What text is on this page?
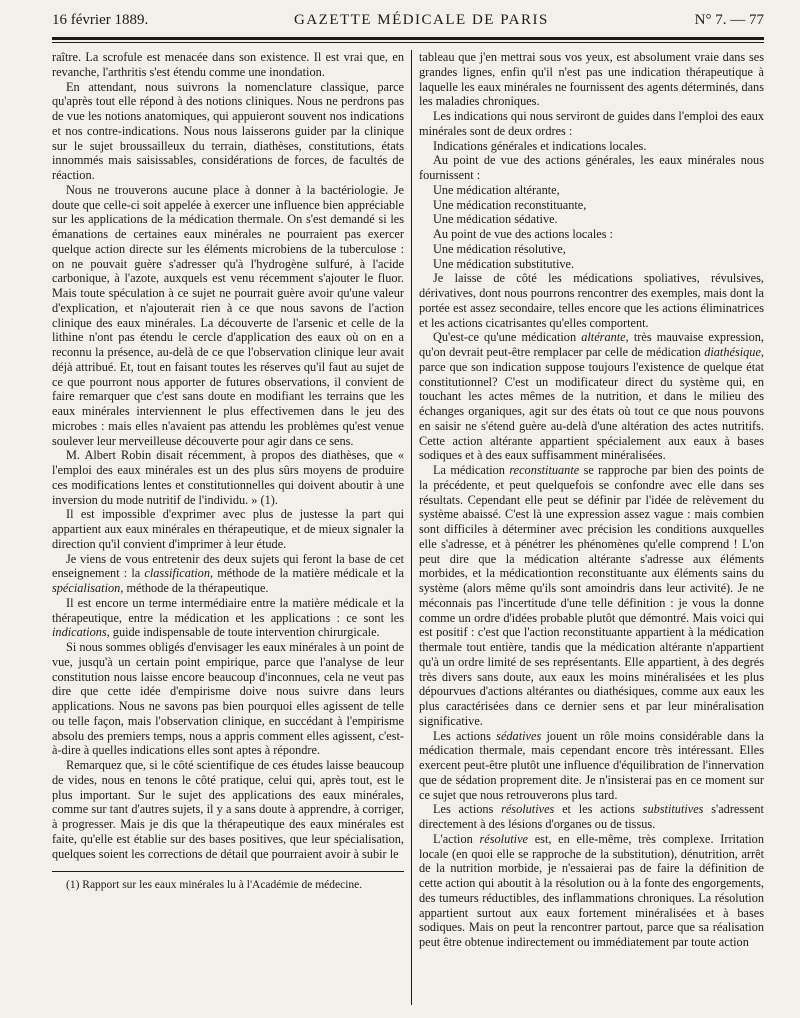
16 février 1889.	GAZETTE MÉDICALE DE PARIS	N° 7. — 77

raître. La scrofule est menacée dans son existence. Il est vrai que, en revanche, l'arthritis s'est étendu comme une inondation.

En attendant, nous suivrons la nomenclature classique, parce qu'après tout elle répond à des notions cliniques. Nous ne perdrons pas de vue les notions anatomiques, qui appuieront souvent nos indications et nos contre-indications. Nous nous laisserons guider par la clinique sur le sujet broussailleux du terrain, diathèses, constitutions, états innommés mais saisissables, considérations de forces, de facultés de réaction.

Nous ne trouverons aucune place à donner à la bactériologie. Je doute que celle-ci soit appelée à exercer une influence bien appréciable sur les applications de la médication thermale. On s'est demandé si les émanations de certaines eaux minérales ne pourraient pas exercer quelque action directe sur les éléments microbiens de la tuberculose : on ne pouvait guère s'adresser qu'à l'hydrogène sulfuré, à l'acide carbonique, à l'azote, auxquels est venu récemment s'ajouter le fluor. Mais toute spéculation à ce sujet ne pourrait guère avoir qu'une valeur d'explication, et n'ajouterait rien à ce que nous savons de l'action clinique des eaux minérales. La découverte de l'arsenic et celle de la lithine n'ont pas étendu le cercle d'application des eaux où on en a reconnu la présence, au-delà de ce que l'observation clinique leur avait déjà attribué. Et, tout en faisant toutes les réserves qu'il faut au sujet de ce que pourront nous apporter de futures observations, il convient de faire remarquer que c'est sans doute en modifiant les terrains que les eaux minérales interviennent le plus effectivemen dans le jeu des microbes : mais elles n'avaient pas attendu les problèmes qu'est venue soulever leur merveilleuse découverte pour agir dans ce sens.

M. Albert Robin disait récemment, à propos des diathèses, que « l'emploi des eaux minérales est un des plus sûrs moyens de produire ces modifications lentes et constitutionnelles qui doivent aboutir à une inversion du mode nutritif de l'individu. » (1).

Il est impossible d'exprimer avec plus de justesse la part qui appartient aux eaux minérales en thérapeutique, et de mieux signaler la direction qu'il convient d'imprimer à leur étude.

Je viens de vous entretenir des deux sujets qui feront la base de cet enseignement : la classification, méthode de la matière médicale et la spécialisation, méthode de la thérapeutique.

Il est encore un terme intermédiaire entre la matière médicale et la thérapeutique, entre la médication et les applications : ce sont les indications, guide indispensable de toute intervention chirurgicale.

Si nous sommes obligés d'envisager les eaux minérales à un point de vue, jusqu'à un certain point empirique, parce que l'analyse de leur constitution nous laisse encore beaucoup d'inconnues, cela ne veut pas dire que cette idée d'empirisme doive nous suivre dans leurs applications. Nous ne savons pas bien pourquoi elles agissent de telle ou telle façon, mais l'observation clinique, en succédant à l'empirisme absolu des premiers temps, nous a appris comment elles agissent, c'est-à-dire à quelles indications elles sont aptes à répondre.

Remarquez que, si le côté scientifique de ces études laisse beaucoup de vides, nous en tenons le côté pratique, celui qui, après tout, est le plus important. Sur le sujet des applications des eaux minérales, comme sur tant d'autres sujets, il y a sans doute à apprendre, à corriger, à progresser. Mais je dis que la thérapeutique des eaux minérales est faite, qu'elle est établie sur des bases positives, que leur spécialisation, quelques soient les corrections de détail que pourraient avoir à subir le

(1) Rapport sur les eaux minérales lu à l'Académie de médecine.

tableau que j'en mettrai sous vos yeux, est absolument vraie dans ses grandes lignes, enfin qu'il n'est pas une indication thérapeutique à laquelle les eaux minérales ne fournissent des agents déterminés, dans les maladies chroniques.

Les indications qui nous serviront de guides dans l'emploi des eaux minérales sont de deux ordres :

Indications générales et indications locales.

Au point de vue des actions générales, les eaux minérales nous fournissent :

Une médication altérante,

Une médication reconstituante,

Une médication sédative.

Au point de vue des actions locales :

Une médication résolutive,

Une médication substitutive.

Je laisse de côté les médications spoliatives, révulsives, dérivatives, dont nous pourrons rencontrer des exemples, mais dont la portée est assez secondaire, telles encore que les actions éliminatrices et les actions cicatrisantes qu'elles comportent.

Qu'est-ce qu'une médication altérante, très mauvaise expression, qu'on devrait peut-être remplacer par celle de médication diathésique, parce que son indication suppose toujours l'existence de quelque état constitutionnel? C'est un modificateur direct du système qui, en touchant les actes mêmes de la nutrition, et dans le milieu des échanges organiques, agit sur des états où tout ce que nous pouvons en saisir ne s'étend guère au-delà d'une altération des actes nutritifs. Cette action altérante appartient spécialement aux eaux à bases sodiques et à des eaux suffisamment minéralisées.

La médication reconstituante se rapproche par bien des points de la précédente, et peut quelquefois se confondre avec elle dans ses résultats. Cependant elle peut se définir par l'idée de relèvement du système abaissé. C'est là une expression assez vague : mais combien sont difficiles à déterminer avec précision les conditions auxquelles elle s'adresse, et à pénétrer les phénomènes qu'elle comprend ! L'on peut dire que la médication altérante s'adresse aux éléments morbides, et la médicationtion reconstituante aux éléments sains du système (alors même qu'ils sont amoindris dans leur activité). Je ne méconnais pas l'incertitude d'une telle définition : je vous la donne comme un ordre d'idées probable plutôt que démontré. Mais voici qui est positif : c'est que l'action reconstituante appartient à la médication thermale tout entière, tandis que la médication altérante n'appartient qu'à un ordre limité de ses représentants. Elle appartient, à des degrés très divers sans doute, aux eaux les moins minéralisées et les plus dépourvues d'actions altérantes ou diathésiques, comme aux eaux les plus caractérisées dans ce dernier sens et par leur minéralisation significative.

Les actions sédatives jouent un rôle moins considérable dans la médication thermale, mais cependant encore très intéressant. Elles exercent peut-être plutôt une influence d'équilibration de l'innervation que de sédation proprement dite. Je n'insisterai pas en ce moment sur ce sujet que nous retrouverons plus tard.

Les actions résolutives et les actions substitutives s'adressent directement à des lésions d'organes ou de tissus.

L'action résolutive est, en elle-même, très complexe. Irritation locale (en quoi elle se rapproche de la substitution), dénutrition, arrêt de la nutrition morbide, je n'essaierai pas de faire la définition de cette action qui aboutit à la résolution ou à la fonte des engorgements, des tumeurs réductibles, des inflammations chroniques. La résolution appartient surtout aux eaux fortement minéralisées et à bases sodiques. Mais on peut la rencontrer partout, parce que sa réalisation peut être obtenue indirectement ou immédiatement par toute action
